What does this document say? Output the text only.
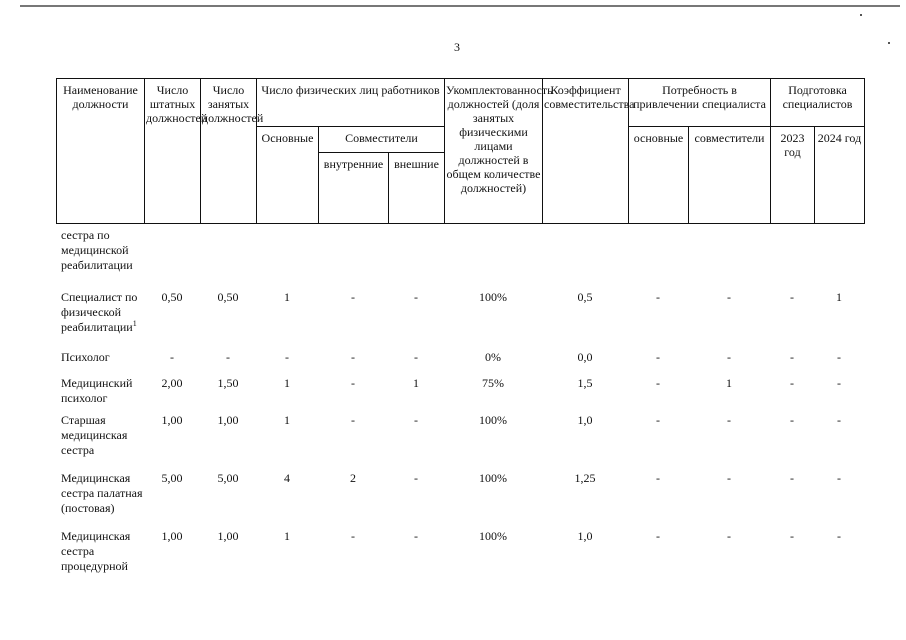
3
Наименование должности	Число штатных должностей	Число занятых должностей	Число физических лиц работников			Укомплектованность должностей (доля занятых физическими лицами должностей в общем количестве должностей)	Коэффициент совместительства	Потребность в привлечении специалиста		Подготовка специалистов	
			Основные	Совместители				основные	совместители	2023 год	2024 год
				внутренние	внешние						
сестра по медицинской реабилитации											
Специалист по физической реабилитации$^1$	0,50	0,50	1	-	-	100%	0,5	-	-	-	1
Психолог	-	-	-	-	-	0%	0,0	-	-	-	-
Медицинский психолог	2,00	1,50	1	-	1	75%	1,5	-	1	-	-
Старшая медицинская сестра	1,00	1,00	1	-	-	100%	1,0	-	-	-	-
Медицинская сестра палатная (постовая)	5,00	5,00	4	2	-	100%	1,25	-	-	-	-
Медицинская сестра процедурной	1,00	1,00	1	-	-	100%	1,0	-	-	-	-
